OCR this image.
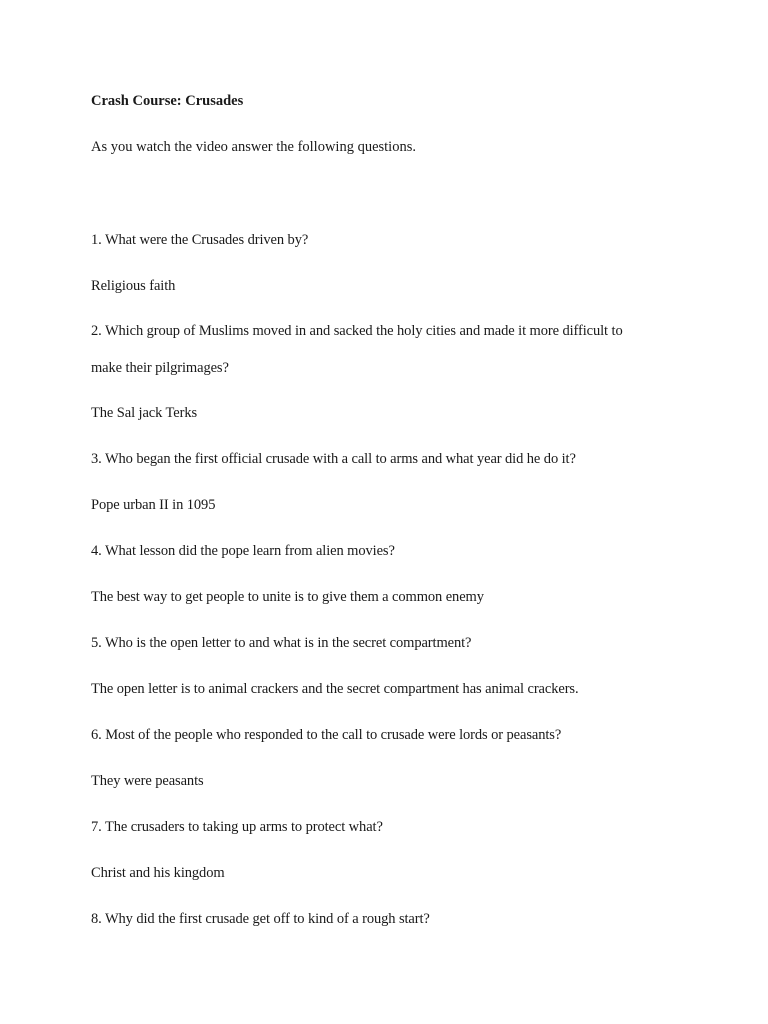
Crash Course: Crusades
As you watch the video answer the following questions.
1. What were the Crusades driven by?
Religious faith
2. Which group of Muslims moved in and sacked the holy cities and made it more difficult to
make their pilgrimages?
The Sal jack Terks
3. Who began the first official crusade with a call to arms and what year did he do it?
Pope urban II in 1095
4. What lesson did the pope learn from alien movies?
The best way to get people to unite is to give them a common enemy
5. Who is the open letter to and what is in the secret compartment?
The open letter is to animal crackers and the secret compartment has animal crackers.
6. Most of the people who responded to the call to crusade were lords or peasants?
They were peasants
7. The crusaders to taking up arms to protect what?
Christ and his kingdom
8. Why did the first crusade get off to kind of a rough start?
